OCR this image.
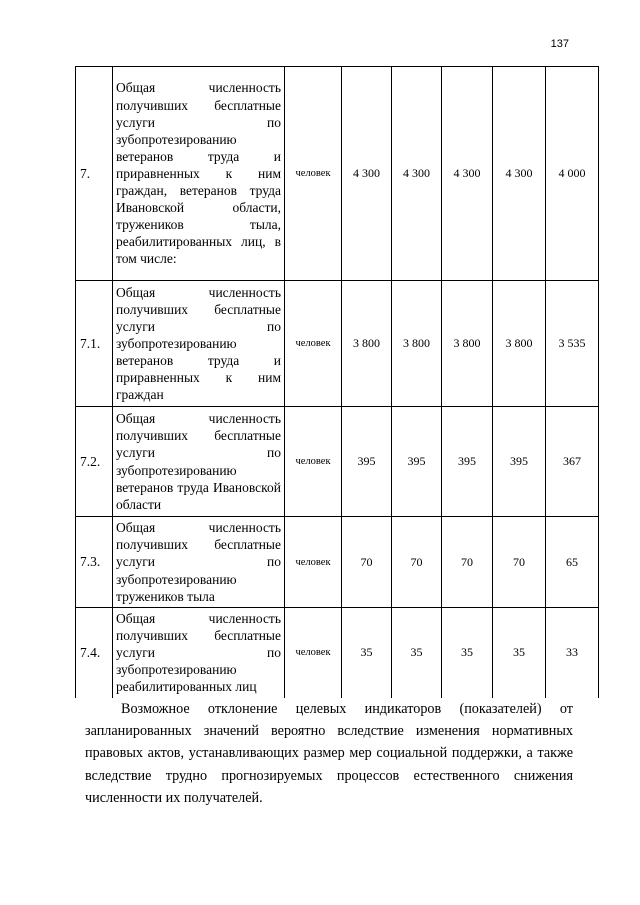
137
7.	Общая численность получивших бесплатные услуги по зубопротезированию ветеранов труда и приравненных к ним граждан, ветеранов труда Ивановской области, тружеников тыла, реабилитированных лиц, в том числе:	человек	4 300	4 300	4 300	4 300	4 000
7.1.	Общая численность получивших бесплатные услуги по зубопротезированию ветеранов труда и приравненных к ним граждан	человек	3 800	3 800	3 800	3 800	3 535
7.2.	Общая численность получивших бесплатные услуги по зубопротезированию ветеранов труда Ивановской области	человек	395	395	395	395	367
7.3.	Общая численность получивших бесплатные услуги по зубопротезированию тружеников тыла	человек	70	70	70	70	65
7.4.	Общая численность получивших бесплатные услуги по зубопротезированию реабилитированных лиц	человек	35	35	35	35	33

Возможное отклонение целевых индикаторов (показателей) от запланированных значений вероятно вследствие изменения нормативных правовых актов, устанавливающих размер мер социальной поддержки, а также вследствие трудно прогнозируемых процессов естественного снижения численности их получателей.
